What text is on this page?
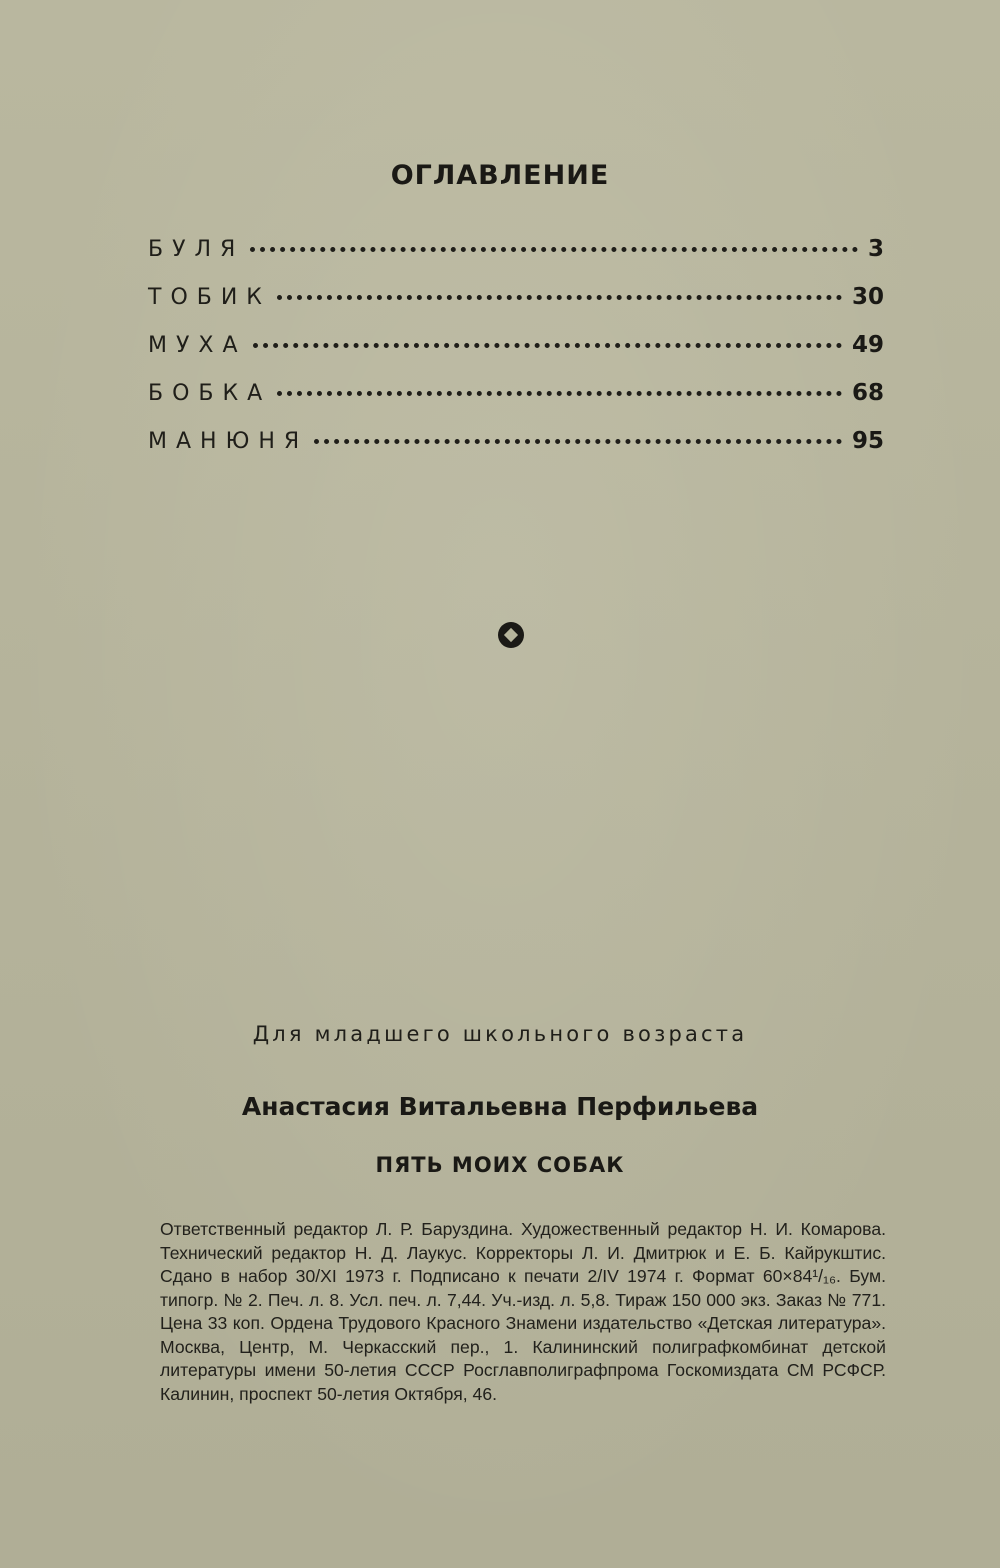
ОГЛАВЛЕНИЕ
БУЛЯ	3
ТОБИК	30
МУХА	49
БОБКА	68
МАНЮНЯ	95
Для младшего школьного возраста
Анастасия Витальевна Перфильева
ПЯТЬ МОИХ СОБАК
Ответственный редактор Л. Р. Баруздина. Художественный редактор Н. И. Комарова. Технический редактор Н. Д. Лаукус. Корректоры Л. И. Дмитрюк и Е. Б. Кайрукштис. Сдано в набор 30/XI 1973 г. Подписано к печати 2/IV 1974 г. Формат 60×84¹/₁₆. Бум. типогр. № 2. Печ. л. 8. Усл. печ. л. 7,44. Уч.-изд. л. 5,8. Тираж 150 000 экз. Заказ № 771. Цена 33 коп. Ордена Трудового Красного Знамени издательство «Детская литература». Москва, Центр, М. Черкасский пер., 1. Калининский полиграфкомбинат детской литературы имени 50-летия СССР Росглавполиграфпрома Госкомиздата СМ РСФСР. Калинин, проспект 50-летия Октября, 46.
